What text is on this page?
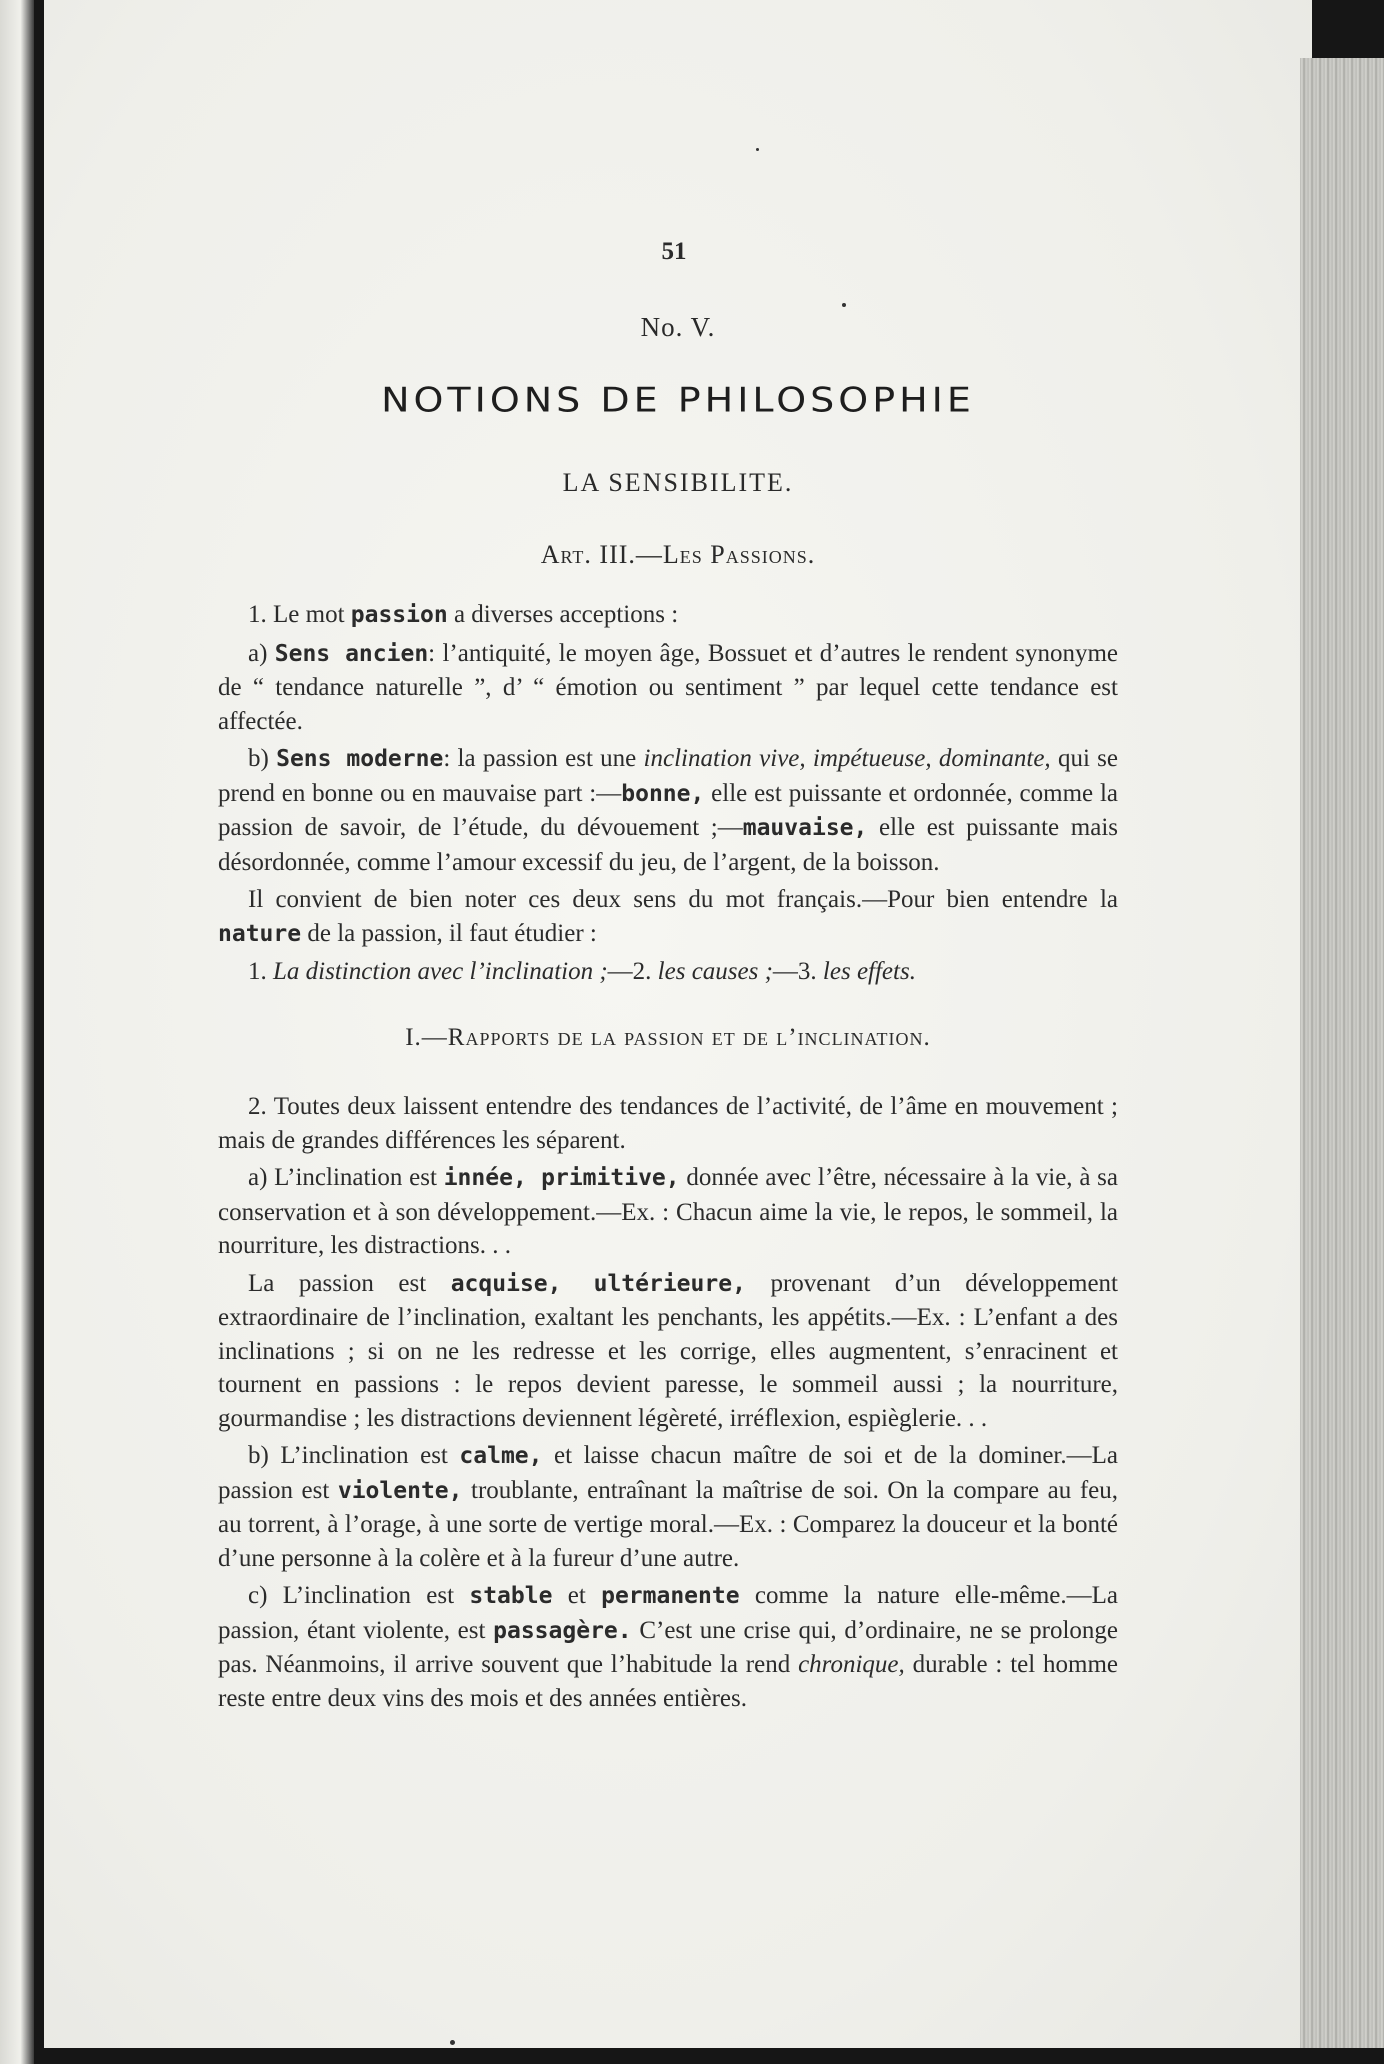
51
No. V.
NOTIONS DE PHILOSOPHIE
LA SENSIBILITE.
Art. III.—Les Passions.

1. Le mot passion a diverses acceptions :

a) Sens ancien: l’antiquité, le moyen âge, Bossuet et d’autres le rendent synonyme de “ tendance naturelle ”, d’ “ émotion ou sentiment ” par lequel cette tendance est affectée.

b) Sens moderne: la passion est une inclination vive, impétueuse, dominante, qui se prend en bonne ou en mauvaise part :—bonne, elle est puissante et ordonnée, comme la passion de savoir, de l’étude, du dévouement ;—mauvaise, elle est puissante mais désordonnée, comme l’amour excessif du jeu, de l’argent, de la boisson.

Il convient de bien noter ces deux sens du mot français.—Pour bien entendre la nature de la passion, il faut étudier :

1. La distinction avec l’inclination ;—2. les causes ;—3. les effets.

I.—Rapports de la passion et de l’inclination.

2. Toutes deux laissent entendre des tendances de l’activité, de l’âme en mouvement ; mais de grandes différences les séparent.

a) L’inclination est innée, primitive, donnée avec l’être, nécessaire à la vie, à sa conservation et à son développement.—Ex. : Chacun aime la vie, le repos, le sommeil, la nourriture, les distractions. . .

La passion est acquise, ultérieure, provenant d’un développement extraordinaire de l’inclination, exaltant les penchants, les appétits.—Ex. : L’enfant a des inclinations ; si on ne les redresse et les corrige, elles augmentent, s’enracinent et tournent en passions : le repos devient paresse, le sommeil aussi ; la nourriture, gourmandise ; les distractions deviennent légèreté, irréflexion, espièglerie. . .

b) L’inclination est calme, et laisse chacun maître de soi et de la dominer.—La passion est violente, troublante, entraînant la maîtrise de soi. On la compare au feu, au torrent, à l’orage, à une sorte de vertige moral.—Ex. : Comparez la douceur et la bonté d’une personne à la colère et à la fureur d’une autre.

c) L’inclination est stable et permanente comme la nature elle-même.—La passion, étant violente, est passagère. C’est une crise qui, d’ordinaire, ne se prolonge pas. Néanmoins, il arrive souvent que l’habitude la rend chronique, durable : tel homme reste entre deux vins des mois et des années entières.
